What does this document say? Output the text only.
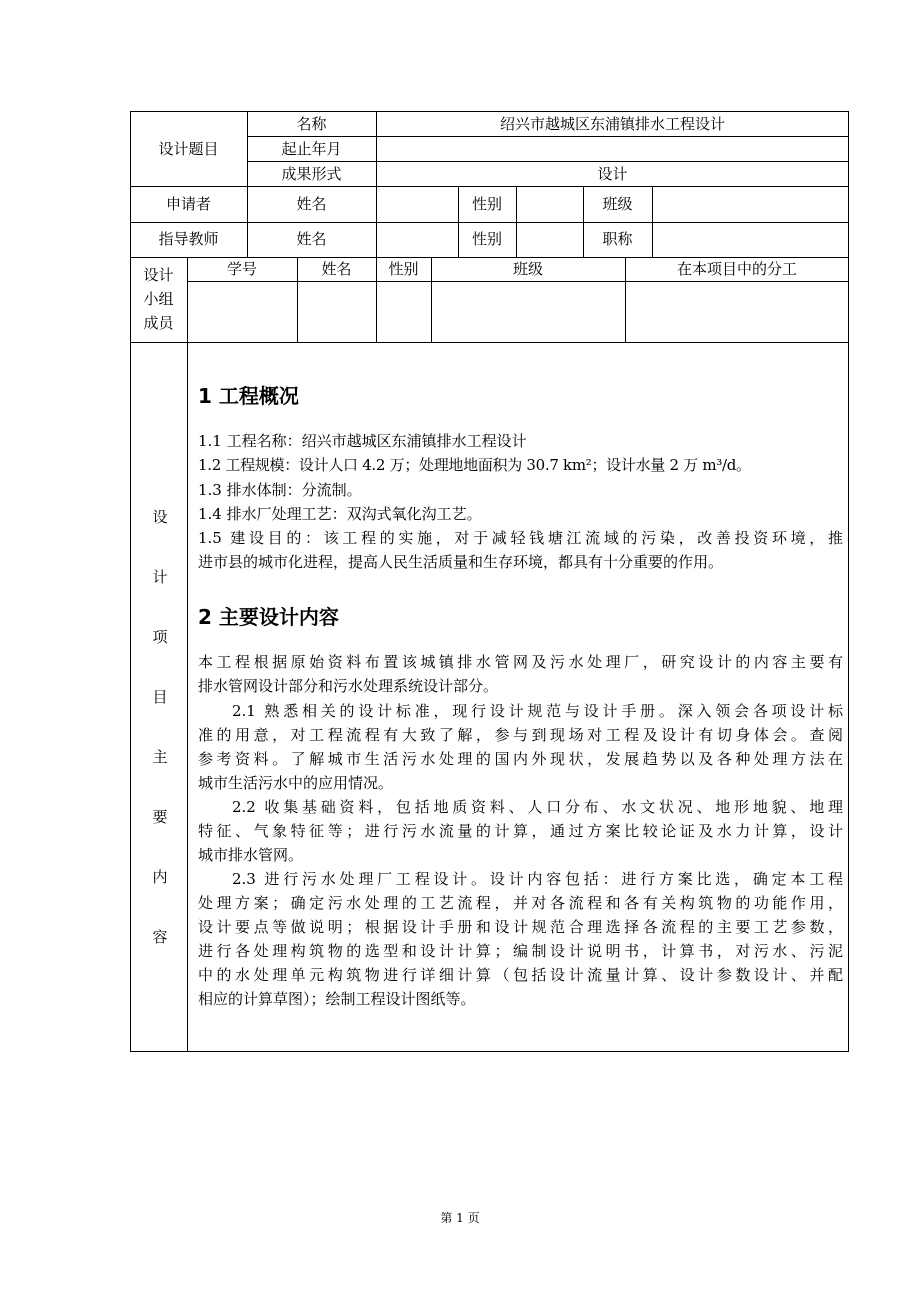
设计题目
名称	绍兴市越城区东浦镇排水工程设计
起止年月
成果形式	设计
申请者	姓名	性别	班级
指导教师	姓名	性别	职称
设计
小组
成员
学号	姓名	性别	班级	在本项目中的分工
设
计
项
目
主
要
内
容
1 工程概况
1.1 工程名称：绍兴市越城区东浦镇排水工程设计
1.2 工程规模：设计人口 4.2 万；处理地地面积为 30.7 km²；设计水量 2 万 m³/d。
1.3 排水体制：分流制。
1.4 排水厂处理工艺：双沟式氧化沟工艺。
1.5 建设目的：该工程的实施，对于减轻钱塘江流域的污染，改善投资环境，推
进市县的城市化进程，提高人民生活质量和生存环境，都具有十分重要的作用。
2 主要设计内容
本工程根据原始资料布置该城镇排水管网及污水处理厂，研究设计的内容主要有
排水管网设计部分和污水处理系统设计部分。
2.1 熟悉相关的设计标准，现行设计规范与设计手册。深入领会各项设计标
准的用意，对工程流程有大致了解，参与到现场对工程及设计有切身体会。查阅
参考资料。了解城市生活污水处理的国内外现状，发展趋势以及各种处理方法在
城市生活污水中的应用情况。
2.2 收集基础资料，包括地质资料、人口分布、水文状况、地形地貌、地理
特征、气象特征等；进行污水流量的计算，通过方案比较论证及水力计算，设计
城市排水管网。
2.3 进行污水处理厂工程设计。设计内容包括：进行方案比选，确定本工程
处理方案；确定污水处理的工艺流程，并对各流程和各有关构筑物的功能作用，
设计要点等做说明；根据设计手册和设计规范合理选择各流程的主要工艺参数，
进行各处理构筑物的选型和设计计算；编制设计说明书，计算书，对污水、污泥
中的水处理单元构筑物进行详细计算（包括设计流量计算、设计参数设计、并配
相应的计算草图）；绘制工程设计图纸等。
第 1 页
